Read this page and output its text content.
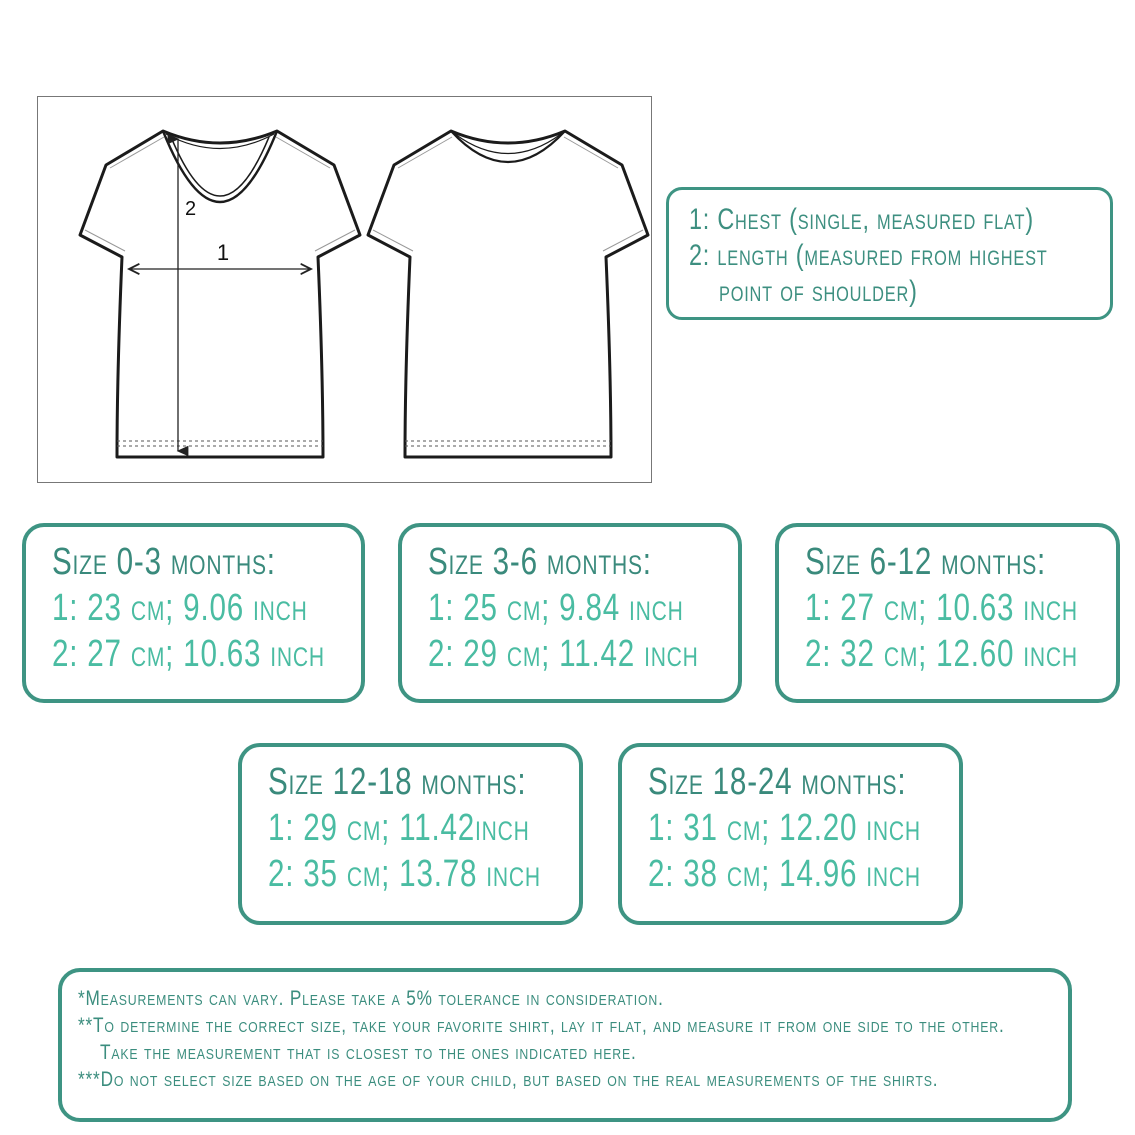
1
2	1: Chest (single, measured flat)
2: length (measured from highest
point of shoulder)
Size 0-3 months:
1: 23 cm; 9.06 inch
2: 27 cm; 10.63 inch
Size 3-6 months:
1: 25 cm; 9.84 inch
2: 29 cm; 11.42 inch
Size 6-12 months:
1: 27 cm; 10.63 inch
2: 32 cm; 12.60 inch
Size 12-18 months:
1: 29 cm; 11.42inch
2: 35 cm; 13.78 inch
Size 18-24 months:
1: 31 cm; 12.20 inch
2: 38 cm; 14.96 inch
*Measurements can vary. Please take a 5% tolerance in consideration.
**To determine the correct size, take your favorite shirt, lay it flat, and measure it from one side to the other.
Take the measurement that is closest to the ones indicated here.
***Do not select size based on the age of your child, but based on the real measurements of the shirts.
